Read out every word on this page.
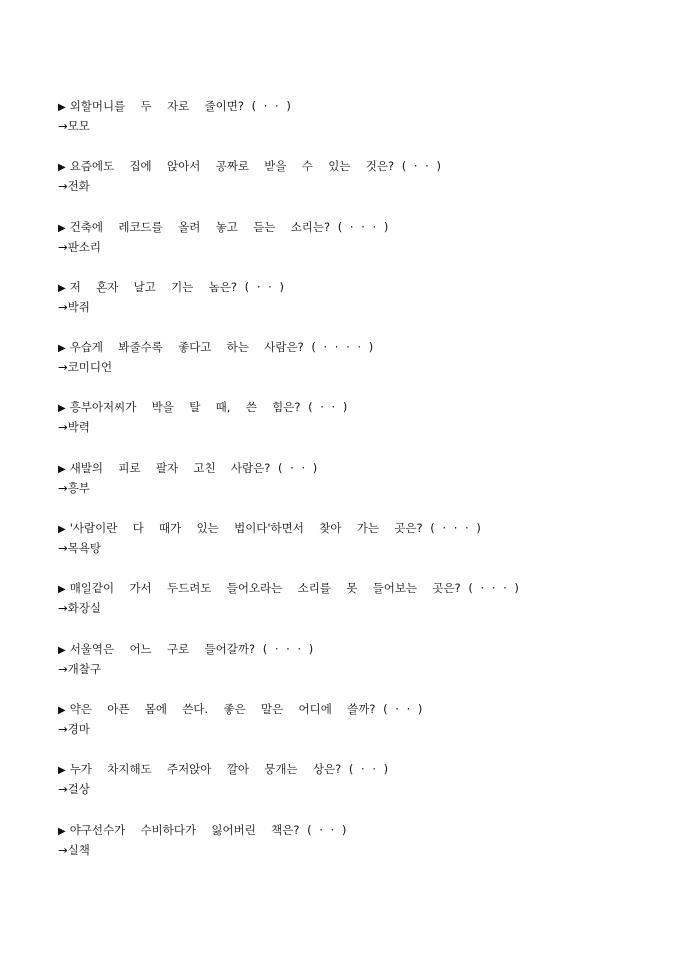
▶ 외할머니를  두  자로  줄이면? ( · · )
→모모
▶ 요즘에도  집에  앉아서  공짜로  받을  수  있는  것은? ( · · )
→전화
▶ 건축에  레코드를  올려  놓고  듣는  소리는? ( · · · )
→판소리
▶ 저  혼자  날고  기는  놈은? ( · · )
→박쥐
▶ 우습게  봐줄수록  좋다고  하는  사람은? ( · · · · )
→코미디언
▶ 흥부아저씨가  박을  탈  때,  쓴  힘은? ( · · )
→박력
▶ 새발의  피로  팔자  고친  사람은? ( · · )
→흥부
▶ '사람이란  다  때가  있는  법이다'하면서  찾아  가는  곳은? ( · · · )
→목욕탕
▶ 매일같이  가서  두드려도  들어오라는  소리를  못  들어보는  곳은? ( · · · )
→화장실
▶ 서울역은  어느  구로  들어갈까? ( · · · )
→개찰구
▶ 약은  아픈  몸에  쓴다.  좋은  말은  어디에  쓸까? ( · · )
→경마
▶ 누가  차지해도  주저앉아  깔아  뭉개는  상은? ( · · )
→걸상
▶ 야구선수가  수비하다가  잃어버린  책은? ( · · )
→실책
